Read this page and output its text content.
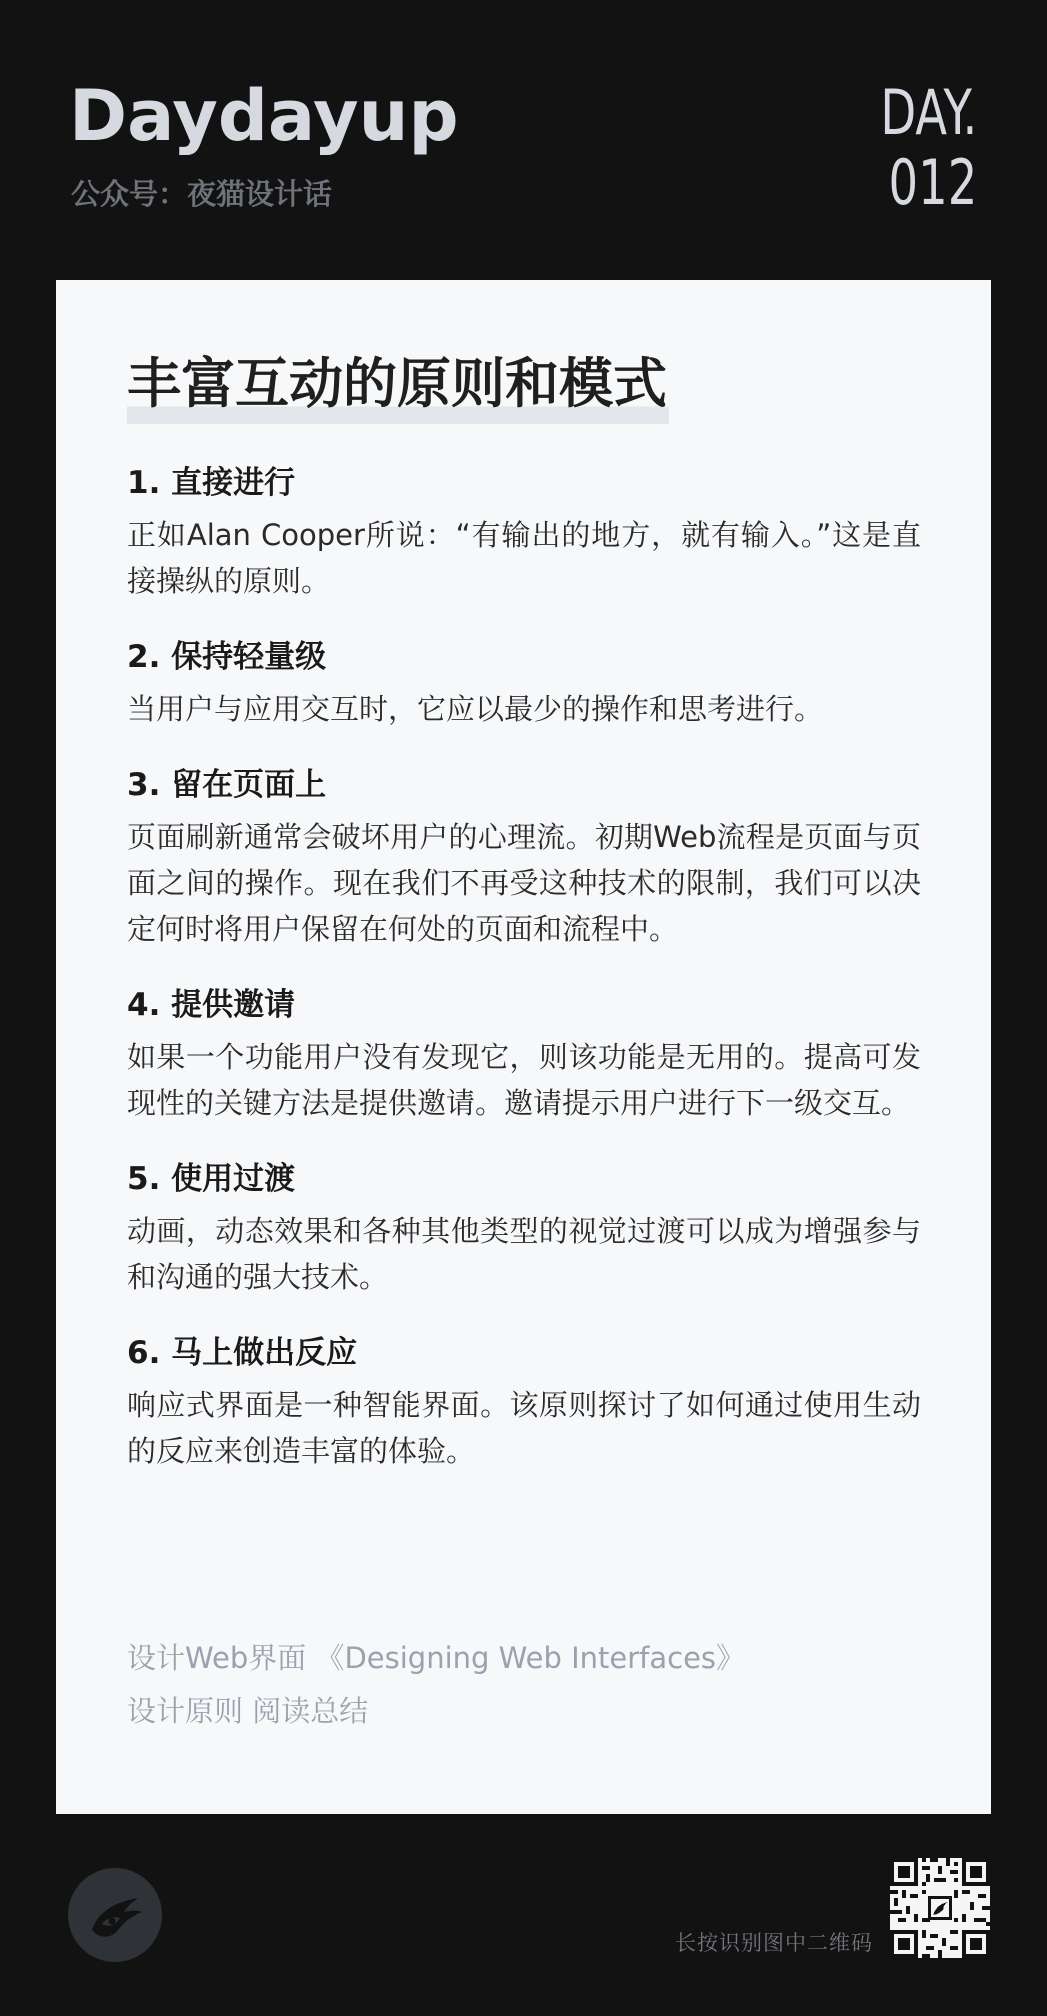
Daydayup
公众号：夜猫设计话
DAY.
012
丰富互动的原则和模式

1. 直接进行

正如Alan Cooper所说：“有输出的地方，就有输入。”这是直接操纵的原则。

2. 保持轻量级

当用户与应用交互时，它应以最少的操作和思考进行。

3. 留在页面上

页面刷新通常会破坏用户的心理流。初期Web流程是页面与页面之间的操作。现在我们不再受这种技术的限制，我们可以决定何时将用户保留在何处的页面和流程中。

4. 提供邀请

如果一个功能用户没有发现它，则该功能是无用的。提高可发现性的关键方法是提供邀请。邀请提示用户进行下一级交互。

5. 使用过渡

动画，动态效果和各种其他类型的视觉过渡可以成为增强参与和沟通的强大技术。

6. 马上做出反应

响应式界面是一种智能界面。该原则探讨了如何通过使用生动的反应来创造丰富的体验。

设计Web界面 《Designing Web Interfaces》

设计原则 阅读总结

长按识别图中二维码
